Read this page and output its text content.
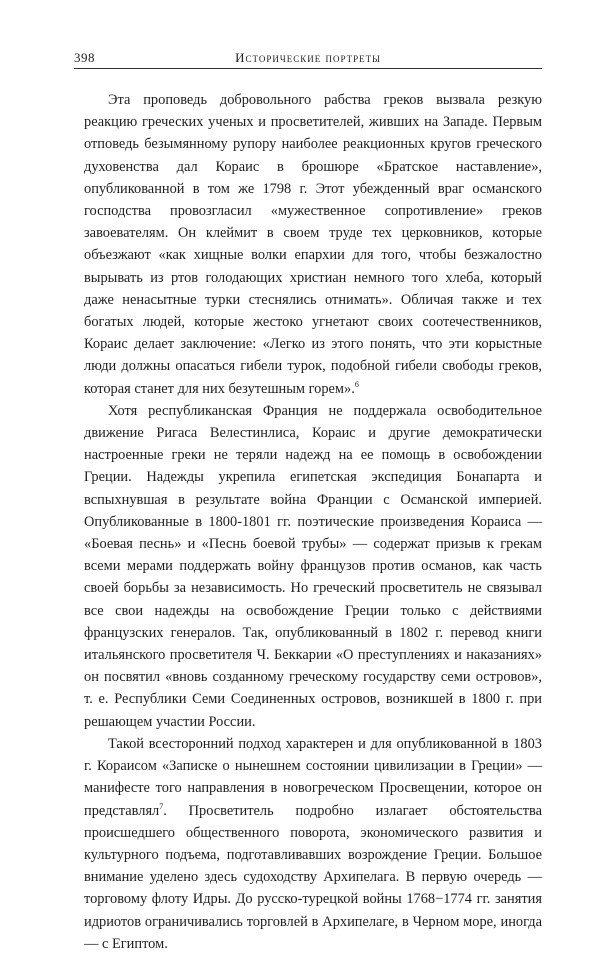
398	Исторические портреты

Эта проповедь добровольного рабства греков вызвала резкую реакцию греческих ученых и просветителей, живших на Западе. Первым отповедь безымянному рупору наиболее реакционных кругов греческого духовенства дал Кораис в брошюре «Братское наставление», опубликованной в том же 1798 г. Этот убежденный враг османского господства провозгласил «мужественное сопротивление» греков завоевателям. Он клеймит в своем труде тех церковников, которые объезжают «как хищные волки епархии для того, чтобы безжалостно вырывать из ртов голодающих христиан немного того хлеба, который даже ненасытные турки стеснялись отнимать». Обличая также и тех богатых людей, которые жестоко угнетают своих соотечественников, Кораис делает заключение: «Легко из этого понять, что эти корыстные люди должны опасаться гибели турок, подобной гибели свободы греков, которая станет для них безутешным горем».$^6$

Хотя республиканская Франция не поддержала освободительное движение Ригаса Велестинлиса, Кораис и другие демократически настроенные греки не теряли надежд на ее помощь в освобождении Греции. Надежды укрепила египетская экспедиция Бонапарта и вспыхнувшая в результате война Франции с Османской империей. Опубликованные в 1800-1801 гг. поэтические произведения Кораиса — «Боевая песнь» и «Песнь боевой трубы» — содержат призыв к грекам всеми мерами поддержать войну французов против османов, как часть своей борьбы за независимость. Но греческий просветитель не связывал все свои надежды на освобождение Греции только с действиями французских генералов. Так, опубликованный в 1802 г. перевод книги итальянского просветителя Ч. Беккарии «О преступлениях и наказаниях» он посвятил «вновь созданному греческому государству семи островов», т. е. Республики Семи Соединенных островов, возникшей в 1800 г. при решающем участии России.

Такой всесторонний подход характерен и для опубликованной в 1803 г. Кораисом «Записке о нынешнем состоянии цивилизации в Греции» — манифесте того направления в новогреческом Просвещении, которое он представлял$^7$. Просветитель подробно излагает обстоятельства происшедшего общественного поворота, экономического развития и культурного подъема, подготавливавших возрождение Греции. Большое внимание уделено здесь судоходству Архипелага. В первую очередь — торговому флоту Идры. До русско-турецкой войны 1768−1774 гг. занятия идриотов ограничивались торговлей в Архипелаге, в Черном море, иногда — с Египтом.
